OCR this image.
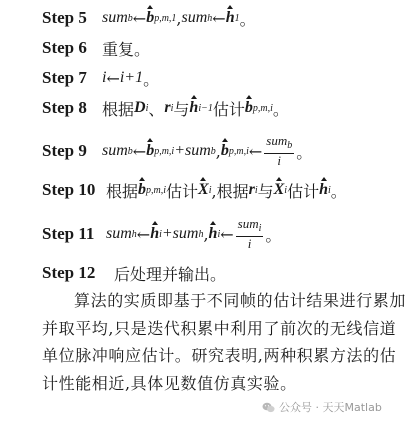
Step 5 sum b ← b p,m,1 , sum h ← h 1 。
Step 6 重复。
Step 7 i ← i+1 。
Step 8 根据 D i 、 r i 与 h i−1 估计 b p,m,i 。
Step 9 sum b ← b p,m,i +sum b , b p,m,i ← $\frac{sum_b}{i}$ 。
Step 10 根据 b p,m,i 估计 X i ,根据 r i 与 X i 估计 h i 。
Step 11 sum h ← h i +sum h , h i ← $\frac{sum_i}{i}$ 。
Step 12	后处理并输出。

算法的实质即基于不同帧的估计结果进行累加

并取平均,只是迭代积累中利用了前次的无线信道

单位脉冲响应估计。研究表明,两种积累方法的估

计性能相近,具体见数值仿真实验。

公众号 · 天天Matlab
